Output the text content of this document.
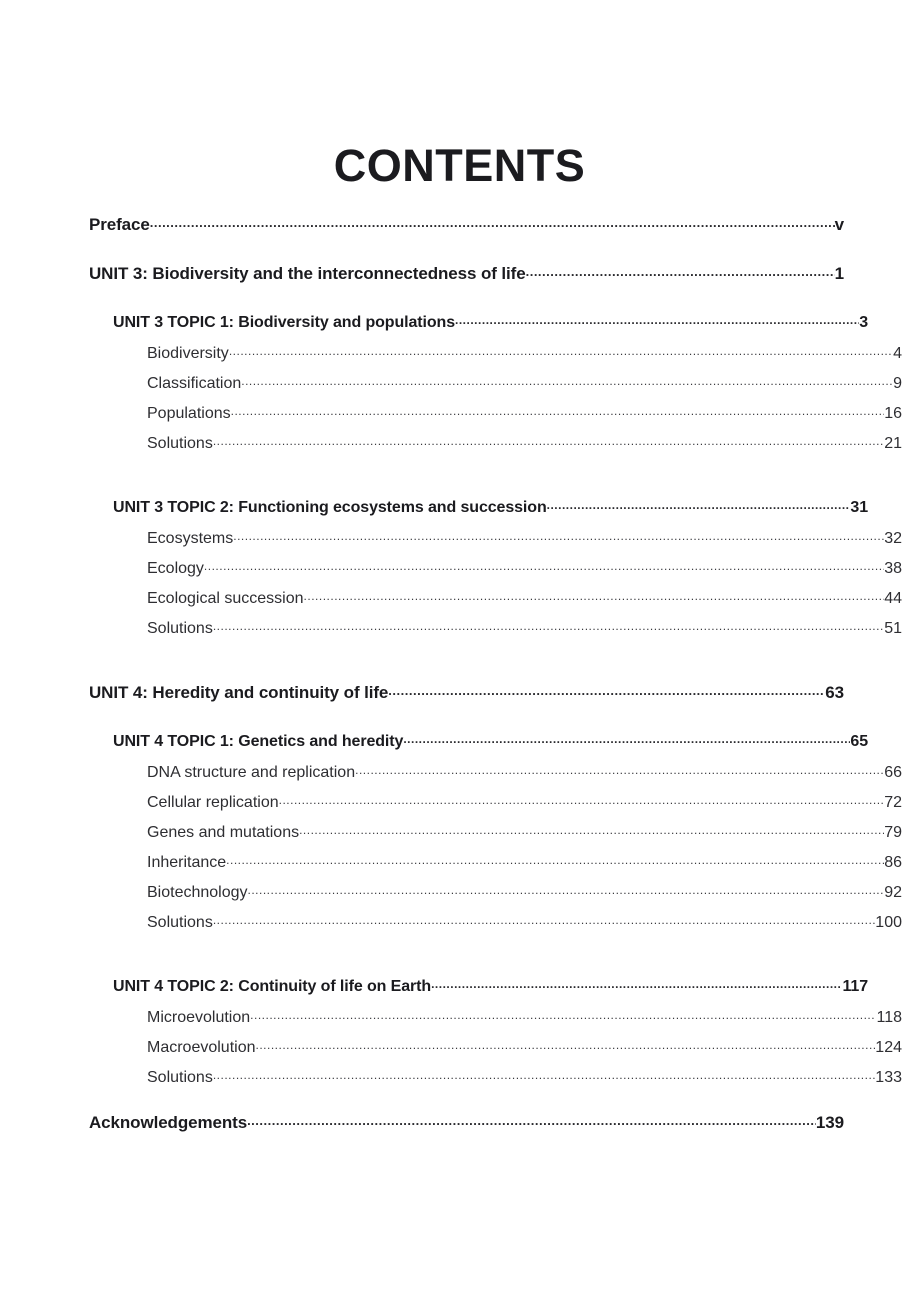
CONTENTS
Preface .....	v
UNIT 3: Biodiversity and the interconnectedness of life .....	1
UNIT 3 TOPIC 1: Biodiversity and populations .....	3
Biodiversity .....	4
Classification .....	9
Populations .....	16
Solutions .....	21
UNIT 3 TOPIC 2: Functioning ecosystems and succession .....	31
Ecosystems .....	32
Ecology .....	38
Ecological succession .....	44
Solutions .....	51
UNIT 4: Heredity and continuity of life .....	63
UNIT 4 TOPIC 1: Genetics and heredity .....	65
DNA structure and replication .....	66
Cellular replication .....	72
Genes and mutations .....	79
Inheritance .....	86
Biotechnology .....	92
Solutions .....	100
UNIT 4 TOPIC 2: Continuity of life on Earth .....	117
Microevolution .....	118
Macroevolution .....	124
Solutions .....	133
Acknowledgements .....	139
